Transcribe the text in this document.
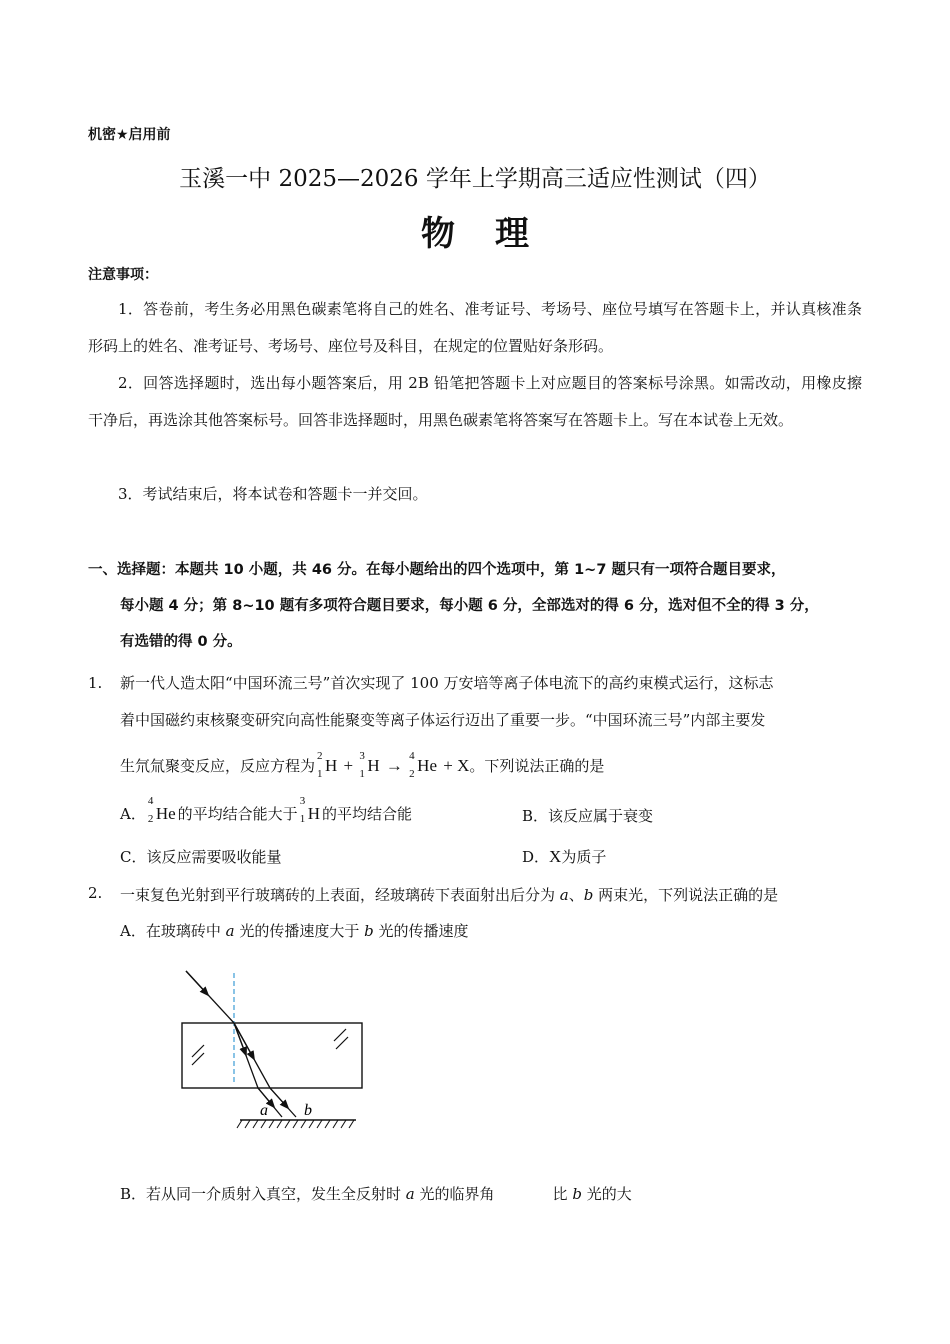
机密★启用前
玉溪一中 2025—2026 学年上学期高三适应性测试（四）
物理
注意事项：
1．答卷前，考生务必用黑色碳素笔将自己的姓名、准考证号、考场号、座位号填写在答题卡上，并认真核准条形码上的姓名、准考证号、考场号、座位号及科目，在规定的位置贴好条形码。
2．回答选择题时，选出每小题答案后，用 2B 铅笔把答题卡上对应题目的答案标号涂黑。如需改动，用橡皮擦干净后，再选涂其他答案标号。回答非选择题时，用黑色碳素笔将答案写在答题卡上。写在本试卷上无效。
3．考试结束后，将本试卷和答题卡一并交回。
一、选择题：本题共 10 小题，共 46 分。在每小题给出的四个选项中，第 1~7 题只有一项符合题目要求，
每小题 4 分；第 8~10 题有多项符合题目要求，每小题 6 分，全部选对的得 6 分，选对但不全的得 3 分，
有选错的得 0 分。
1. 新一代人造太阳“中国环流三号”首次实现了 100 万安培等离子体电流下的高约束模式运行，这标志
着中国磁约束核聚变研究向高性能聚变等离子体运行迈出了重要一步。“中国环流三号”内部主要发
生氘氚聚变反应，反应方程为
2
1 H + 3
1 H → 4
2 He + X。下列说法正确的是
A．
4
2 He 的平均结合能大于
3
1 H 的平均结合能	B．该反应属于衰变
C．该反应需要吸收能量	D．X为质子
2. 一束复色光射到平行玻璃砖的上表面，经玻璃砖下表面射出后分为 a、b 两束光，下列说法正确的是
A．在玻璃砖中 a 光的传播速度大于 b 光的传播速度
a b
B．若从同一介质射入真空，发生全反射时 a 光的临界角	比 b 光的大
